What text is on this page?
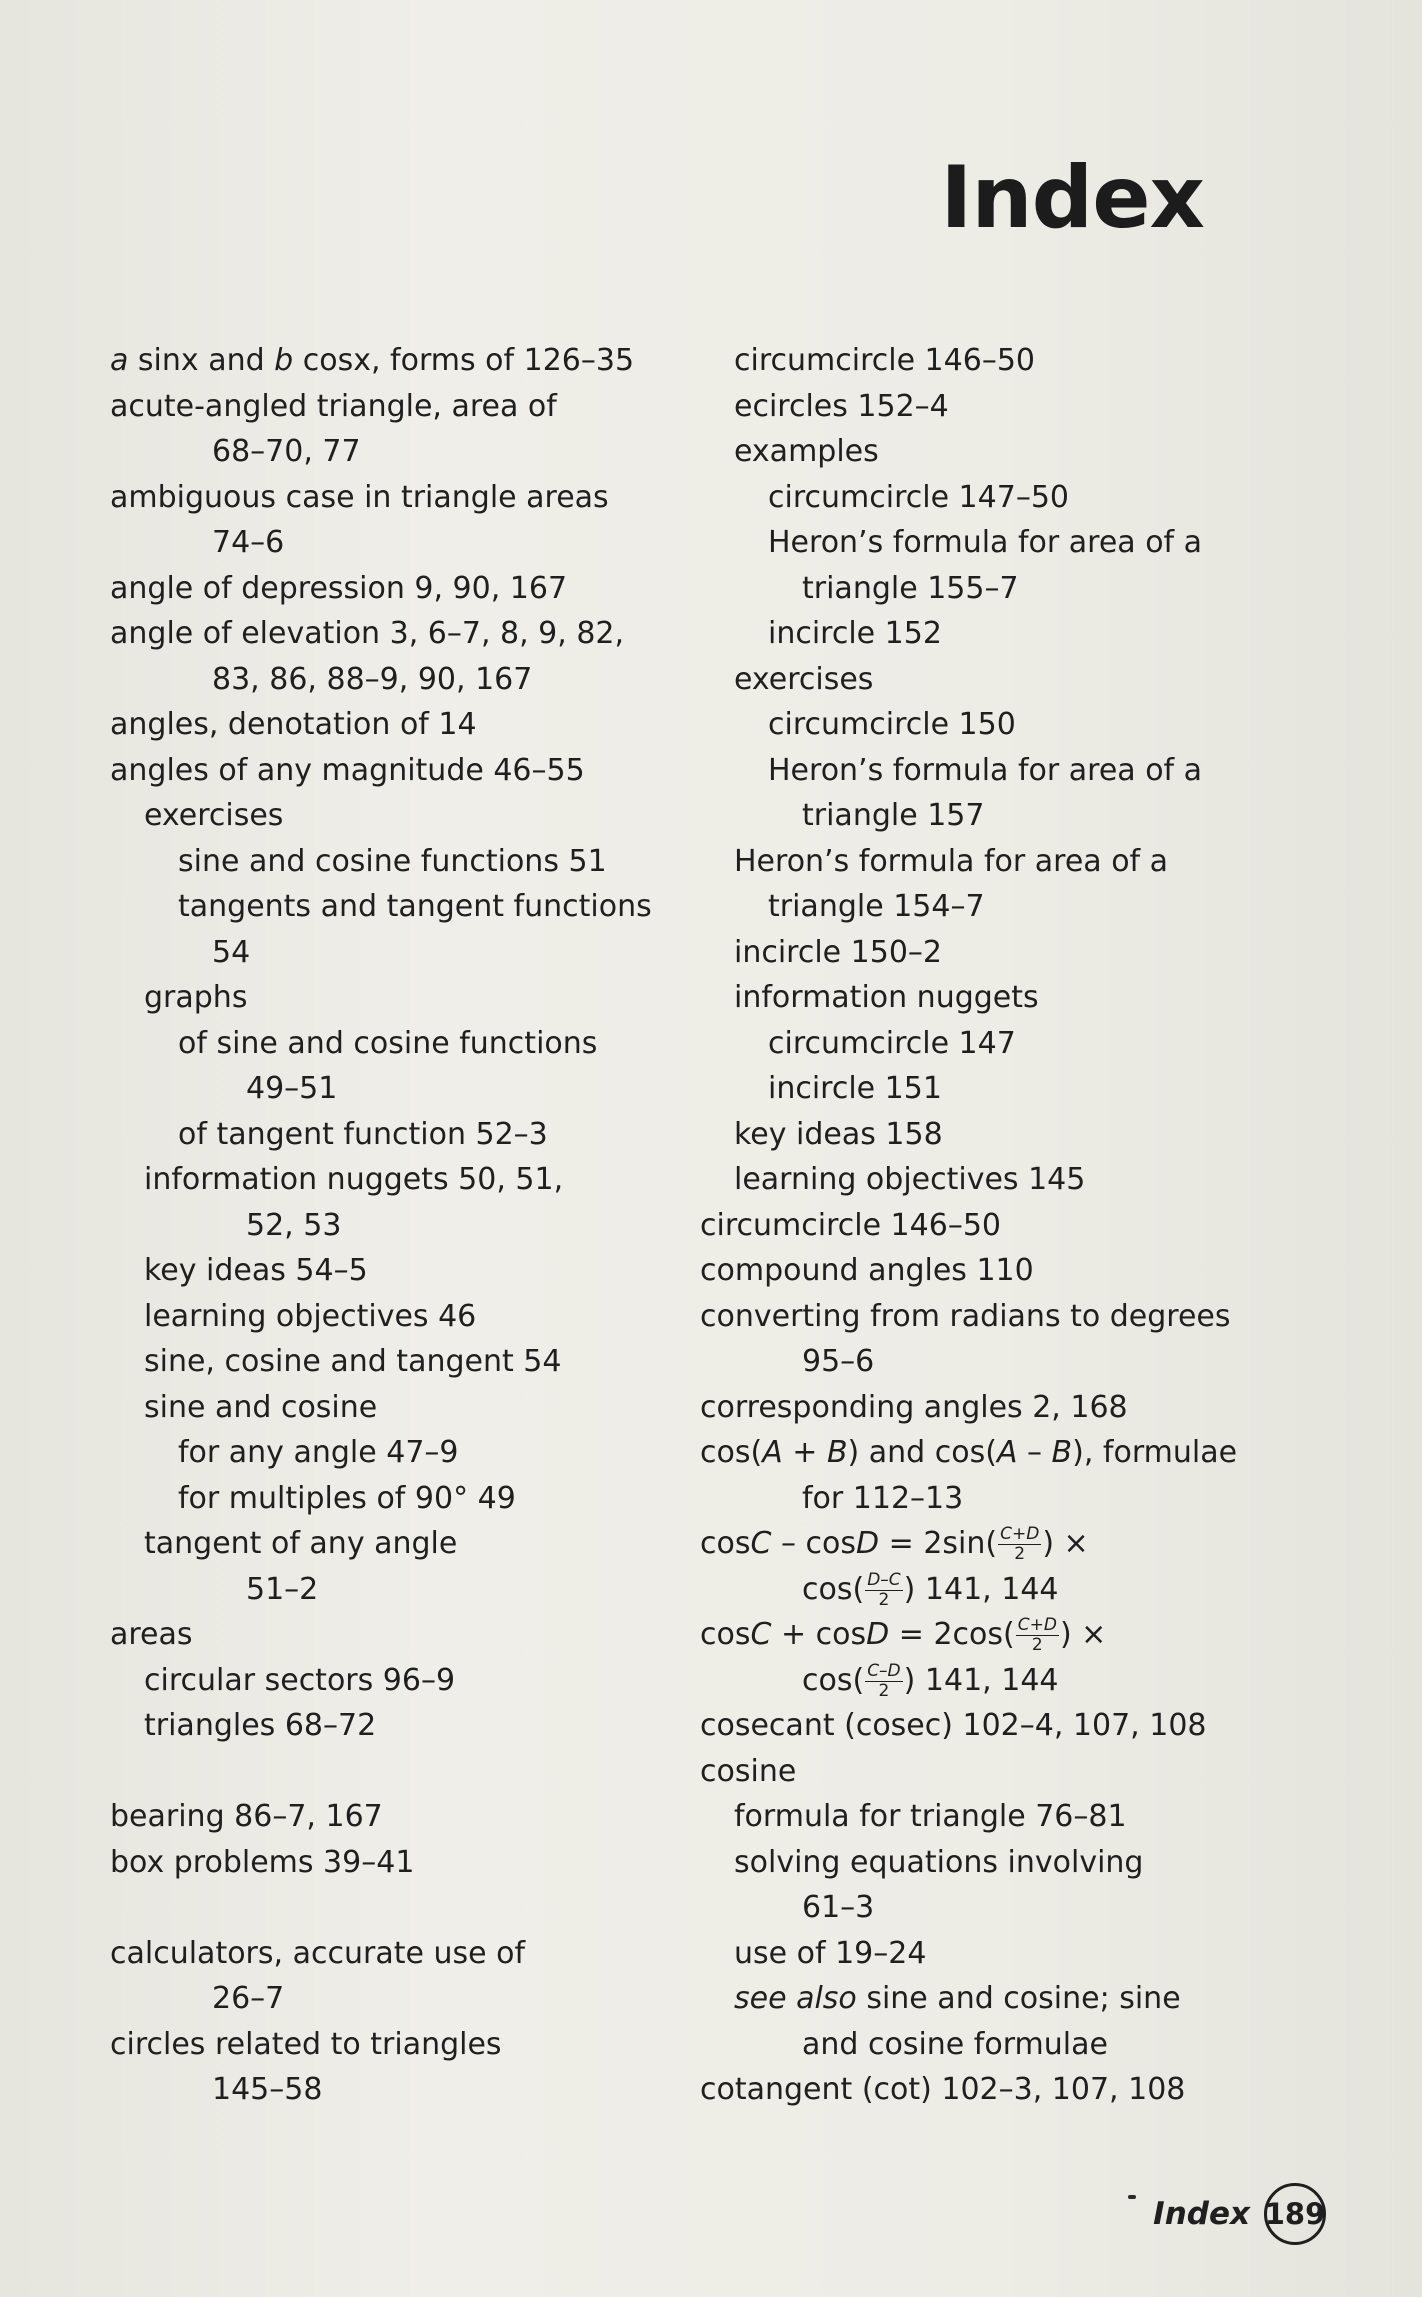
Index
a sinx and b cosx, forms of 126–35
acute-angled triangle, area of
68–70, 77
ambiguous case in triangle areas
74–6
angle of depression 9, 90, 167
angle of elevation 3, 6–7, 8, 9, 82,
83, 86, 88–9, 90, 167
angles, denotation of 14
angles of any magnitude 46–55
exercises
sine and cosine functions 51
tangents and tangent functions
54
graphs
of sine and cosine functions
49–51
of tangent function 52–3
information nuggets 50, 51,
52, 53
key ideas 54–5
learning objectives 46
sine, cosine and tangent 54
sine and cosine
for any angle 47–9
for multiples of 90° 49
tangent of any angle
51–2
areas
circular sectors 96–9
triangles 68–72
bearing 86–7, 167
box problems 39–41
calculators, accurate use of
26–7
circles related to triangles
145–58
circumcircle 146–50
ecircles 152–4
examples
circumcircle 147–50
Heron’s formula for area of a
triangle 155–7
incircle 152
exercises
circumcircle 150
Heron’s formula for area of a
triangle 157
Heron’s formula for area of a
triangle 154–7
incircle 150–2
information nuggets
circumcircle 147
incircle 151
key ideas 158
learning objectives 145
circumcircle 146–50
compound angles 110
converting from radians to degrees
95–6
corresponding angles 2, 168
cos(A + B) and cos(A – B), formulae
for 112–13
$\cos C - \cos D = 2\sin( \frac{C+D}{2}$ ) ×
$\cos( \frac{D-C}{2}$ ) 141, 144
$\cos C + \cos D = 2\cos( \frac{C+D}{2}$ ) ×
$\cos( \frac{C-D}{2}$ ) 141, 144
cosecant (cosec) 102–4, 107, 108
cosine
formula for triangle 76–81
solving equations involving
61–3
use of 19–24
see also sine and cosine; sine
and cosine formulae
cotangent (cot) 102–3, 107, 108
Index 189
